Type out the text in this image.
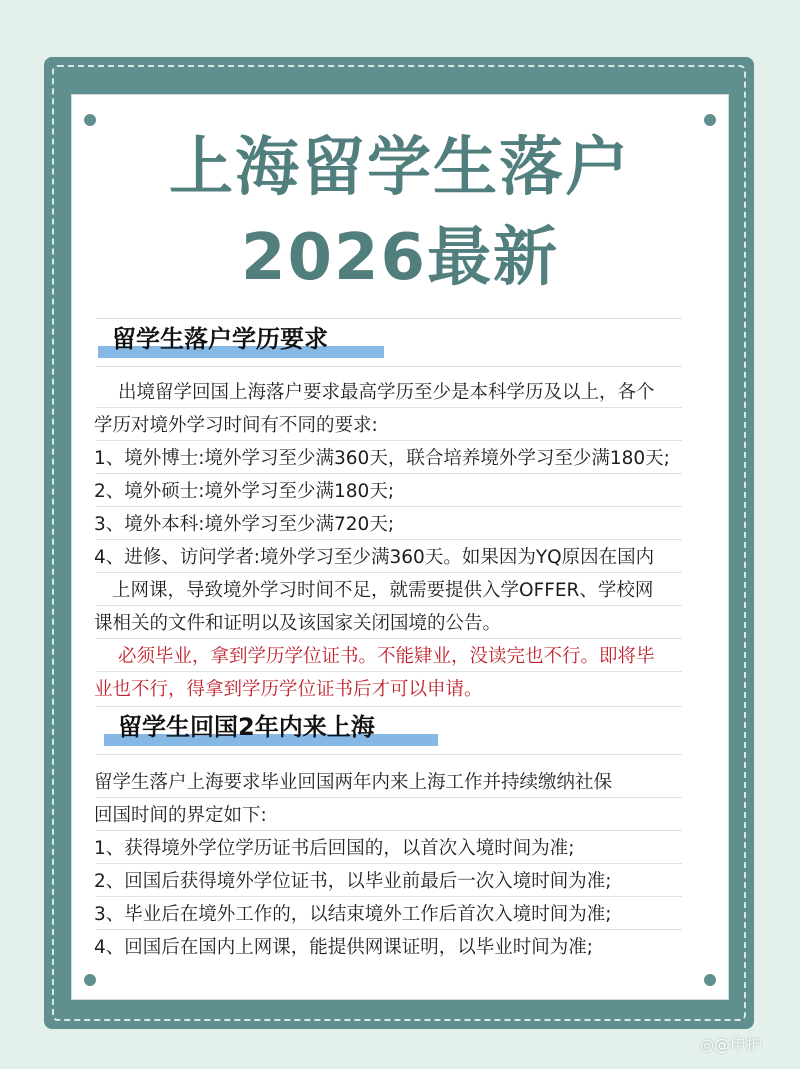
上海留学生落户
2026最新
留学生落户学历要求
出境留学回国上海落户要求最高学历至少是本科学历及以上，各个
学历对境外学习时间有不同的要求:
1、境外博士:境外学习至少满360天，联合培养境外学习至少满180天;
2、境外硕士:境外学习至少满180天;
3、境外本科:境外学习至少满720天;
4、进修、访问学者:境外学习至少满360天。如果因为YQ原因在国内
上网课，导致境外学习时间不足，就需要提供入学OFFER、学校网
课相关的文件和证明以及该国家关闭国境的公告。
必须毕业，拿到学历学位证书。不能肄业，没读完也不行。即将毕
业也不行，得拿到学历学位证书后才可以申请。
留学生回国2年内来上海
留学生落户上海要求毕业回国两年内来上海工作并持续缴纳社保
回国时间的界定如下:
1、获得境外学位学历证书后回国的，以首次入境时间为准;
2、回国后获得境外学位证书，以毕业前最后一次入境时间为准;
3、毕业后在境外工作的，以结束境外工作后首次入境时间为准;
4、回国后在国内上网课，能提供网课证明，以毕业时间为准;
◎@申护
